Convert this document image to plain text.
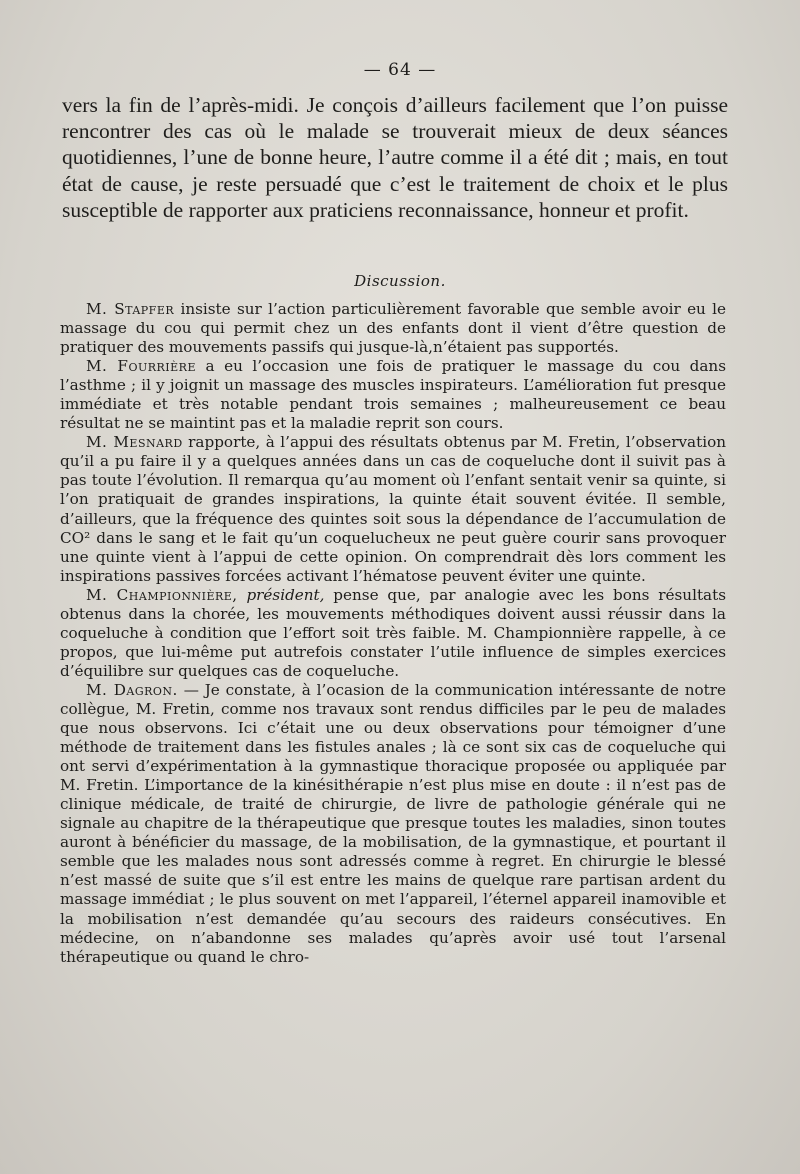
— 64 —

vers la fin de l’après-midi. Je conçois d’ailleurs facilement que l’on puisse rencontrer des cas où le malade se trouverait mieux de deux séances quotidiennes, l’une de bonne heure, l’autre comme il a été dit ; mais, en tout état de cause, je reste persuadé que c’est le traitement de choix et le plus susceptible de rapporter aux praticiens reconnaissance, honneur et profit.

Discussion.

M. Stapfer insiste sur l’action particulièrement favorable que semble avoir eu le massage du cou qui permit chez un des enfants dont il vient d’être question de pratiquer des mouvements passifs qui jusque-là,n’étaient pas supportés.

M. Fourrière a eu l’occasion une fois de pratiquer le massage du cou dans l’asthme ; il y joignit un massage des muscles inspirateurs. L’amélioration fut presque immédiate et très notable pendant trois semaines ; malheureusement ce beau résultat ne se maintint pas et la maladie reprit son cours.

M. Mesnard rapporte, à l’appui des résultats obtenus par M. Fretin, l’observation qu’il a pu faire il y a quelques années dans un cas de coqueluche dont il suivit pas à pas toute l’évolution. Il remarqua qu’au moment où l’enfant sentait venir sa quinte, si l’on pratiquait de grandes inspirations, la quinte était souvent évitée. Il semble, d’ailleurs, que la fréquence des quintes soit sous la dépendance de l’accumulation de CO² dans le sang et le fait qu’un coquelucheux ne peut guère courir sans provoquer une quinte vient à l’appui de cette opinion. On comprendrait dès lors comment les inspirations passives forcées activant l’hématose peuvent éviter une quinte.

M. Championnière, président, pense que, par analogie avec les bons résultats obtenus dans la chorée, les mouvements méthodiques doivent aussi réussir dans la coqueluche à condition que l’effort soit très faible. M. Championnière rappelle, à ce propos, que lui-même put autrefois constater l’utile influence de simples exercices d’équilibre sur quelques cas de coqueluche.

M. Dagron. — Je constate, à l’ocasion de la communication intéressante de notre collègue, M. Fretin, comme nos travaux sont rendus difficiles par le peu de malades que nous observons. Ici c’était une ou deux observations pour témoigner d’une méthode de traitement dans les fistules anales ; là ce sont six cas de coqueluche qui ont servi d’expérimentation à la gymnastique thoracique proposée ou appliquée par M. Fretin. L’importance de la kinésithérapie n’est plus mise en doute : il n’est pas de clinique médicale, de traité de chirurgie, de livre de pathologie générale qui ne signale au chapitre de la thérapeutique que presque toutes les maladies, sinon toutes auront à bénéficier du massage, de la mobilisation, de la gymnastique, et pourtant il semble que les malades nous sont adressés comme à regret. En chirurgie le blessé n’est massé de suite que s’il est entre les mains de quelque rare partisan ardent du massage immédiat ; le plus souvent on met l’appareil, l’éternel appareil inamovible et la mobilisation n’est demandée qu’au secours des raideurs consécutives. En médecine, on n’abandonne ses malades qu’après avoir usé tout l’arsenal thérapeutique ou quand le chro-
